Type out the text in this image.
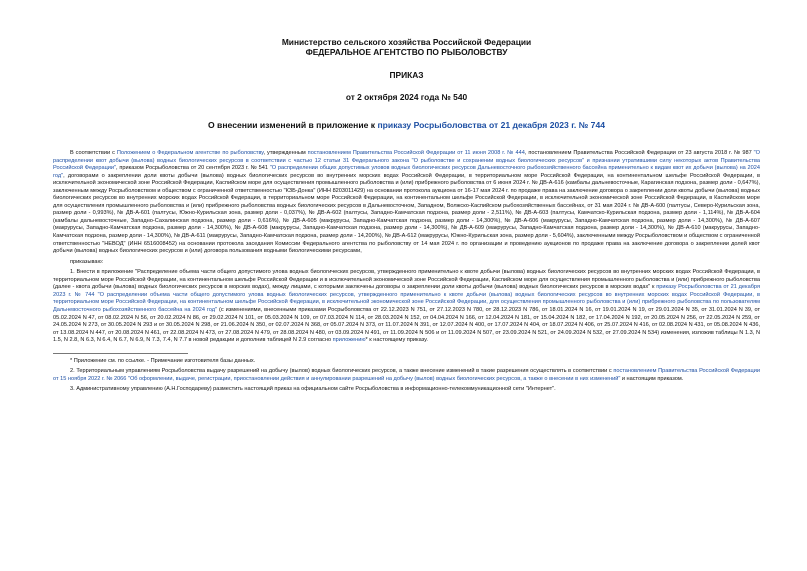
Министерство сельского хозяйства Российской Федерации
ФЕДЕРАЛЬНОЕ АГЕНТСТВО ПО РЫБОЛОВСТВУ
ПРИКАЗ
от 2 октября 2024 года № 540
О внесении изменений в приложение к приказу Росрыболовства от 21 декабря 2023 г. № 744

В соответствии с Положением о Федеральном агентстве по рыболовству, утвержденным постановлением Правительства Российской Федерации от 11 июня 2008 г. № 444, постановлением Правительства Российской Федерации от 23 августа 2018 г. № 987 "О распределении квот добычи (вылова) водных биологических ресурсов в соответствии с частью 12 статьи 31 Федерального закона "О рыболовстве и сохранении водных биологических ресурсов" и признании утратившими силу некоторых актов Правительства Российской Федерации", приказом Росрыболовства от 20 сентября 2023 г. № 541 "О распределении общих допустимых уловов водных биологических ресурсов Дальневосточного рыбохозяйственного бассейна применительно к видам квот их добычи (вылова) на 2024 год", договорами о закреплении доли квоты добычи (вылова) водных биологических ресурсов во внутренних морских водах Российской Федерации, в территориальном море Российской Федерации, на континентальном шельфе Российской Федерации, в исключительной экономической зоне Российской Федерации, Каспийском море для осуществления промышленного рыболовства и (или) прибрежного рыболовства от 6 июня 2024 г. № ДВ-А-616 (камбалы дальневосточные, Карагинская подзона, размер доли - 0,647%), заключенным между Росрыболовством и обществом с ограниченной ответственностью "КЗБ-Донка" (ИНН 8203011429) на основании протокола аукциона от 16-17 мая 2024 г. по продаже права на заключение договора о закреплении доли квоты добычи (вылова) водных биологических ресурсов во внутренних морских водах Российской Федерации, в территориальном море Российской Федерации, на континентальном шельфе Российской Федерации, в исключительной экономической зоне Российской Федерации, в Каспийском море для осуществления промышленного рыболовства и (или) прибрежного рыболовства водных биологических ресурсов в Дальневосточном, Западном, Волжско-Каспийском рыбохозяйственных бассейнах, от 31 мая 2024 г. № ДВ-А-600 (палтусы, Северо-Курильская зона, размер доли - 0,993%), № ДВ-А-601 (палтусы, Южно-Курильская зона, размер доли - 0,037%), № ДВ-А-602 (палтусы, Западно-Камчатская подзона, размер доли - 2,511%), № ДВ-А-603 (палтусы, Камчатско-Курильская подзона, размер доли - 1,114%), № ДВ-А-604 (камбалы дальневосточные, Западно-Сахалинская подзона, размер доли - 0,616%), № ДВ-А-605 (макрурусы, Западно-Камчатская подзона, размер доли - 14,300%), № ДВ-А-606 (макрурусы, Западно-Камчатская подзона, размер доли - 14,300%), № ДВ-А-607 (макрурусы, Западно-Камчатская подзона, размер доли - 14,300%), № ДВ-А-608 (макрурусы, Западно-Камчатская подзона, размер доли - 14,300%), № ДВ-А-609 (макрурусы, Западно-Камчатская подзона, размер доли - 14,300%), № ДВ-А-610 (макрурусы, Западно-Камчатская подзона, размер доли - 14,300%), № ДВ-А-611 (макрурусы, Западно-Камчатская подзона, размер доли - 14,200%), № ДВ-А-612 (макрурусы, Южно-Курильская зона, размер доли - 5,604%), заключенными между Росрыболовством и обществом с ограниченной ответственностью "НЕВОД" (ИНН 6516008452) на основании протокола заседания Комиссии Федерального агентства по рыболовству от 14 мая 2024 г. по организации и проведению аукционов по продаже права на заключение договора о закреплении долей квот добычи (вылова) водных биологических ресурсов и (или) договора пользования водными биологическими ресурсами,

приказываю:

1. Внести в приложение "Распределение объема части общего допустимого улова водных биологических ресурсов, утвержденного применительно к квоте добычи (вылова) водных биологических ресурсов во внутренних морских водах Российской Федерации, в территориальном море Российской Федерации, на континентальном шельфе Российской Федерации и в исключительной экономической зоне Российской Федерации, Каспийском море для осуществления промышленного рыболовства и (или) прибрежного рыболовства (далее - квота добычи (вылова) водных биологических ресурсов в морских водах), между лицами, с которыми заключены договоры о закреплении доли квоты добычи (вылова) водных биологических ресурсов в морских водах" к приказу Росрыболовства от 21 декабря 2023 г. № 744 "О распределении объема части общего допустимого улова водных биологических ресурсов, утвержденного применительно к квоте добычи (вылова) водных биологических ресурсов во внутренних морских водах Российской Федерации, в территориальном море Российской Федерации, на континентальном шельфе Российской Федерации, в исключительной экономической зоне Российской Федерации, для осуществления промышленного рыболовства и (или) прибрежного рыболовства по пользователям Дальневосточного рыбохозяйственного бассейна на 2024 год" (с изменениями, внесенными приказами Росрыболовства от 22.12.2023 N 751, от 27.12.2023 N 780, от 28.12.2023 N 786, от 18.01.2024 N 16, от 19.01.2024 N 19, от 29.01.2024 N 35, от 31.01.2024 N 39, от 05.02.2024 N 47, от 08.02.2024 N 56, от 20.02.2024 N 86, от 29.02.2024 N 101, от 05.03.2024 N 109, от 07.03.2024 N 114, от 28.03.2024 N 152, от 04.04.2024 N 166, от 12.04.2024 N 181, от 15.04.2024 N 182, от 17.04.2024 N 192, от 20.05.2024 N 256, от 22.05.2024 N 259, от 24.05.2024 N 273, от 30.05.2024 N 293 и от 30.05.2024 N 298, от 21.06.2024 N 350, от 02.07.2024 N 368, от 05.07.2024 N 373, от 11.07.2024 N 391, от 12.07.2024 N 400, от 17.07.2024 N 404, от 18.07.2024 N 406, от 25.07.2024 N 416, от 02.08.2024 N 431, от 05.08.2024 N 436, от 13.08.2024 N 447, от 20.08.2024 N 461, от 22.08.2024 N 473, от 27.08.2024 N 479, от 28.08.2024 N 480, от 03.09.2024 N 491, от 11.09.2024 N 506 и от 11.09.2024 N 507, от 23.09.2024 N 521, от 24.09.2024 N 532, от 27.09.2024 N 534) изменения, изложив таблицы N 1.3, N 1.5, N 2.8, N 6.3, N 6.4, N 6.7, N 6.9, N 7.3, 7.4, N 7.7 в новой редакции и дополнив таблицей N 2.9 согласно приложению* к настоящему приказу.

* Приложение см. по ссылке. - Примечание изготовителя базы данных.

2. Территориальным управлениям Росрыболовства выдачу разрешений на добычу (вылов) водных биологических ресурсов, а также внесение изменений в такие разрешения осуществлять в соответствии с постановлением Правительства Российской Федерации от 15 ноября 2022 г. № 2066 "Об оформлении, выдаче, регистрации, приостановлении действия и аннулировании разрешений на добычу (вылов) водных биологических ресурсов, а также о внесении в них изменений" и настоящим приказом.

3. Административному управлению (А.Н.Господареву) разместить настоящий приказ на официальном сайте Росрыболовства в информационно-телекоммуникационной сети "Интернет".
